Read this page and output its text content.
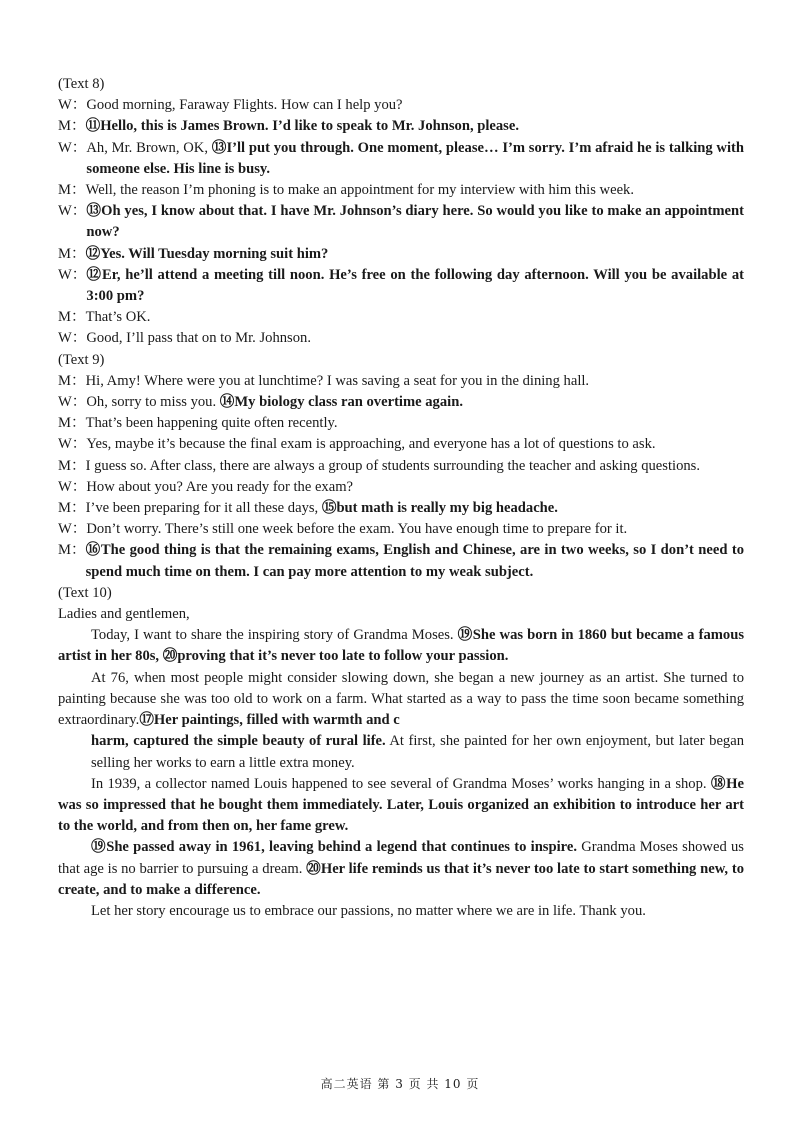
(Text 8)

W ： Good morning, Faraway Flights. How can I help you?
M ： ⑪Hello, this is James Brown. I’d like to speak to Mr. Johnson, please.
W ： Ah, Mr. Brown, OK, ⑬I’ll put you through. One moment, please… I’m sorry. I’m afraid he is talking with someone else. His line is busy.
M ： Well, the reason I’m phoning is to make an appointment for my interview with him this week.
W ： ⑬Oh yes, I know about that. I have Mr. Johnson’s diary here. So would you like to make an appointment now?
M ： ⑫Yes. Will Tuesday morning suit him?
W ： ⑫Er, he’ll attend a meeting till noon. He’s free on the following day afternoon. Will you be available at 3:00 pm?
M ： That’s OK.
W ： Good, I’ll pass that on to Mr. Johnson.

(Text 9)

M ： Hi, Amy! Where were you at lunchtime? I was saving a seat for you in the dining hall.
W ： Oh, sorry to miss you. ⑭My biology class ran overtime again.
M ： That’s been happening quite often recently.
W ： Yes, maybe it’s because the final exam is approaching, and everyone has a lot of questions to ask.
M ： I guess so. After class, there are always a group of students surrounding the teacher and asking questions.
W ： How about you? Are you ready for the exam?
M ： I’ve been preparing for it all these days, ⑮but math is really my big headache.
W ： Don’t worry. There’s still one week before the exam. You have enough time to prepare for it.
M ： ⑯The good thing is that the remaining exams, English and Chinese, are in two weeks, so I don’t need to spend much time on them. I can pay more attention to my weak subject.

(Text 10)

Ladies and gentlemen,

Today, I want to share the inspiring story of Grandma Moses. ⑲She was born in 1860 but became a famous artist in her 80s, ⑳proving that it’s never too late to follow your passion.

At 76, when most people might consider slowing down, she began a new journey as an artist. She turned to painting because she was too old to work on a farm. What started as a way to pass the time soon became something extraordinary.⑰Her paintings, filled with warmth and c

harm, captured the simple beauty of rural life. At first, she painted for her own enjoyment, but later began selling her works to earn a little extra money.

In 1939, a collector named Louis happened to see several of Grandma Moses’ works hanging in a shop. ⑱He was so impressed that he bought them immediately. Later, Louis organized an exhibition to introduce her art to the world, and from then on, her fame grew.

⑲She passed away in 1961, leaving behind a legend that continues to inspire. Grandma Moses showed us that age is no barrier to pursuing a dream. ⑳Her life reminds us that it’s never too late to start something new, to create, and to make a difference.

Let her story encourage us to embrace our passions, no matter where we are in life. Thank you.

高二英语 第 3 页 共 10 页
